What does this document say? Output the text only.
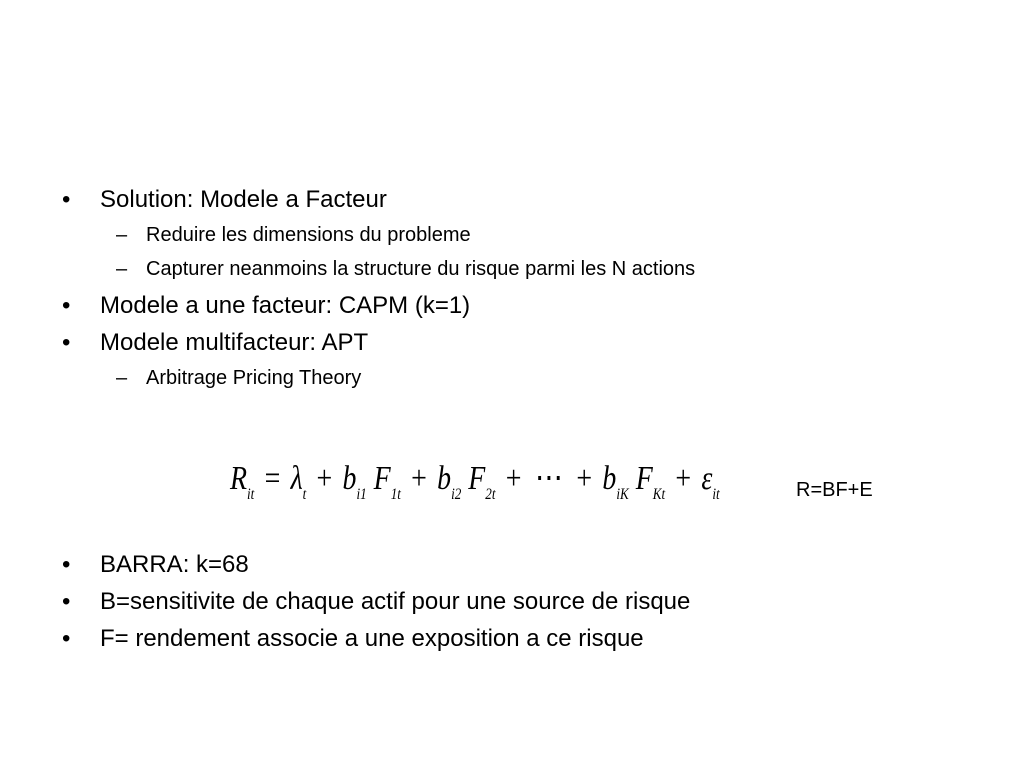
• Solution: Modele a Facteur
– Reduire les dimensions du probleme
– Capturer neanmoins la structure du risque parmi les N actions
• Modele a une facteur: CAPM (k=1)
• Modele multifacteur: APT
– Arbitrage Pricing Theory
$R_{it} = \lambda_t + b_{i1}$ $F_{1t} + b_{i2}$ $F_{2t}$ + ⋯ + $b_{iK}$ $F_{Kt} + \varepsilon_{it}$	R=BF+E
• BARRA: k=68
• B=sensitivite de chaque actif pour une source de risque
• F= rendement associe a une exposition a ce risque
